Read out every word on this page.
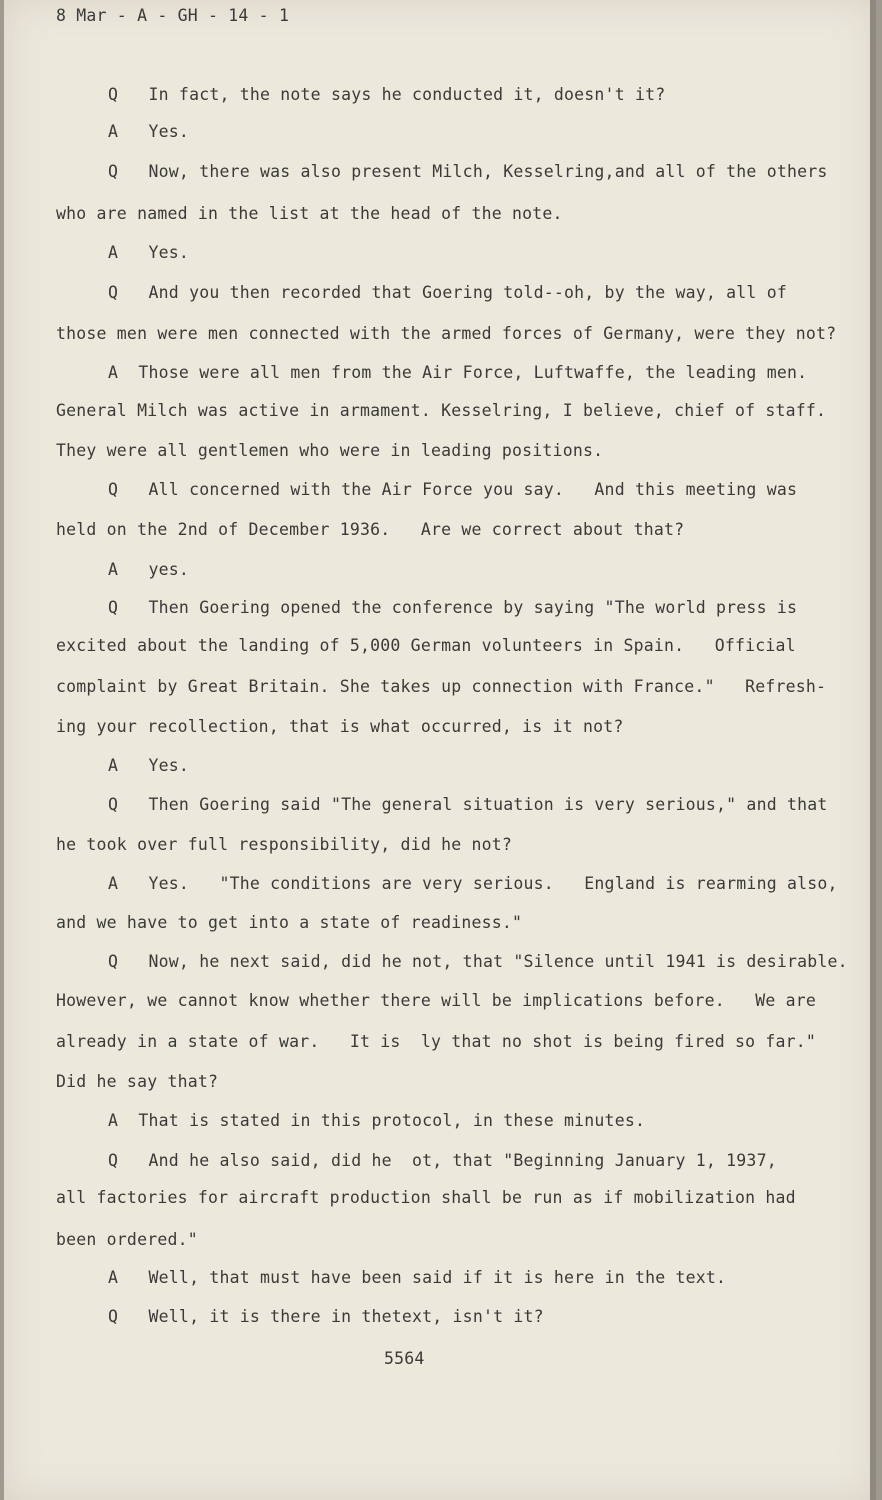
8 Mar - A - GH - 14 - 1
Q   In fact, the note says he conducted it, doesn't it?
A   Yes.
Q   Now, there was also present Milch, Kesselring,and all of the others
who are named in the list at the head of the note.
A   Yes.
Q   And you then recorded that Goering told--oh, by the way, all of
those men were men connected with the armed forces of Germany, were they not?
A  Those were all men from the Air Force, Luftwaffe, the leading men.
General Milch was active in armament. Kesselring, I believe, chief of staff.
They were all gentlemen who were in leading positions.
Q   All concerned with the Air Force you say.   And this meeting was
held on the 2nd of December 1936.   Are we correct about that?
A   yes.
Q   Then Goering opened the conference by saying "The world press is
excited about the landing of 5,000 German volunteers in Spain.   Official
complaint by Great Britain. She takes up connection with France."   Refresh-
ing your recollection, that is what occurred, is it not?
A   Yes.
Q   Then Goering said "The general situation is very serious," and that
he took over full responsibility, did he not?
A   Yes.   "The conditions are very serious.   England is rearming also,
and we have to get into a state of readiness."
Q   Now, he next said, did he not, that "Silence until 1941 is desirable.
However, we cannot know whether there will be implications before.   We are
already in a state of war.   It is  ly that no shot is being fired so far."
Did he say that?
A  That is stated in this protocol, in these minutes.
Q   And he also said, did he  ot, that "Beginning January 1, 1937,
all factories for aircraft production shall be run as if mobilization had
been ordered."
A   Well, that must have been said if it is here in the text.
Q   Well, it is there in thetext, isn't it?
5564
